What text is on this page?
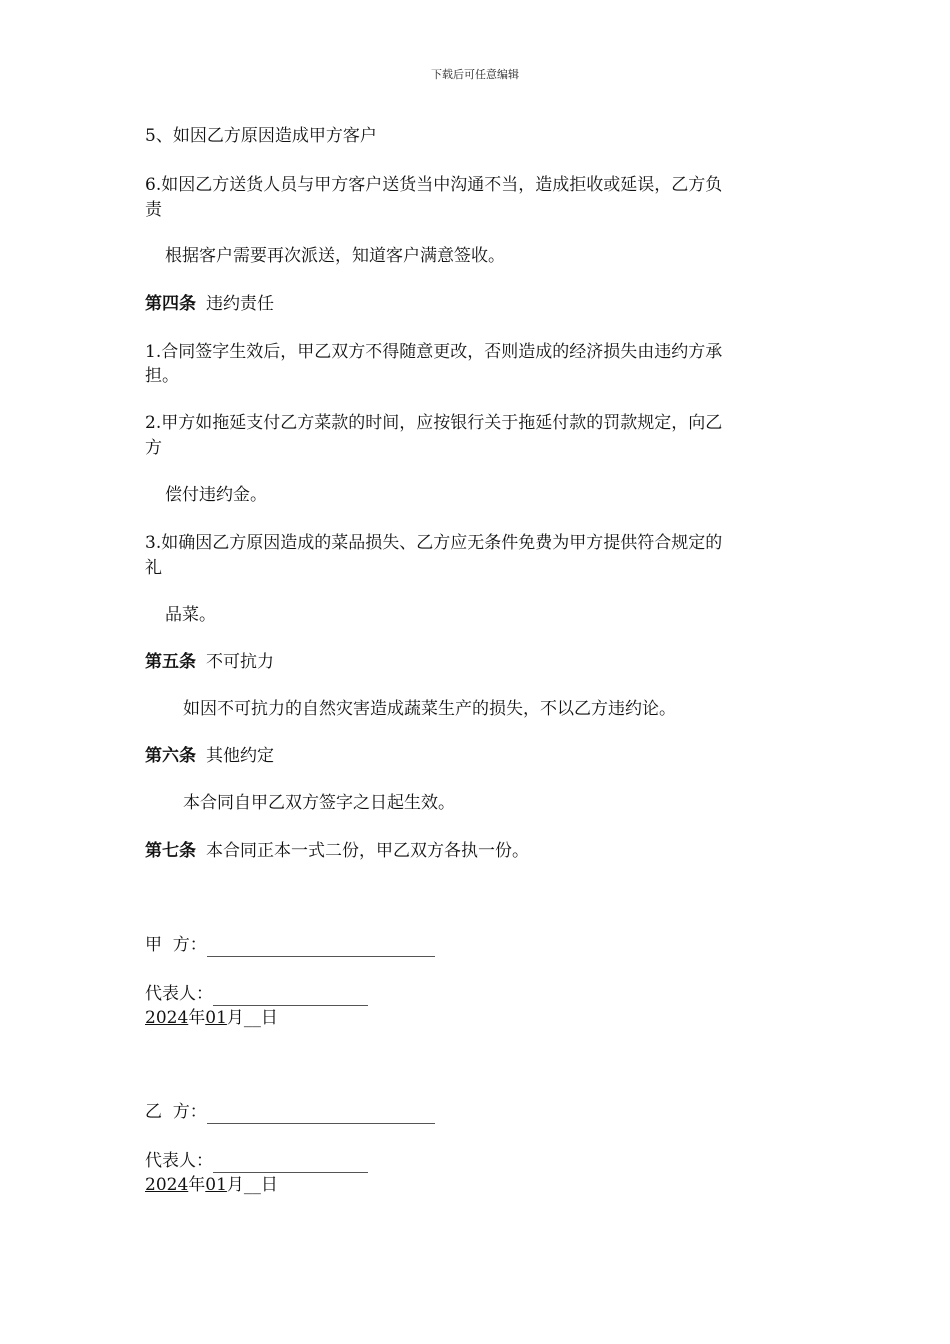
下载后可任意编辑
5、如因乙方原因造成甲方客户
6.如因乙方送货人员与甲方客户送货当中沟通不当，造成拒收或延误，乙方负
责
根据客户需要再次派送，知道客户满意签收。
第四条 违约责任
1.合同签字生效后，甲乙双方不得随意更改，否则造成的经济损失由违约方承
担。
2.甲方如拖延支付乙方菜款的时间，应按银行关于拖延付款的罚款规定，向乙
方
偿付违约金。
3.如确因乙方原因造成的菜品损失、乙方应无条件免费为甲方提供符合规定的
礼
品菜。
第五条 不可抗力
如因不可抗力的自然灾害造成蔬菜生产的损失，不以乙方违约论。
第六条 其他约定
本合同自甲乙双方签字之日起生效。
第七条 本合同正本一式二份，甲乙双方各执一份。
甲  方：
代表人：
2024年01月__日
乙  方：
代表人：
2024年01月__日
